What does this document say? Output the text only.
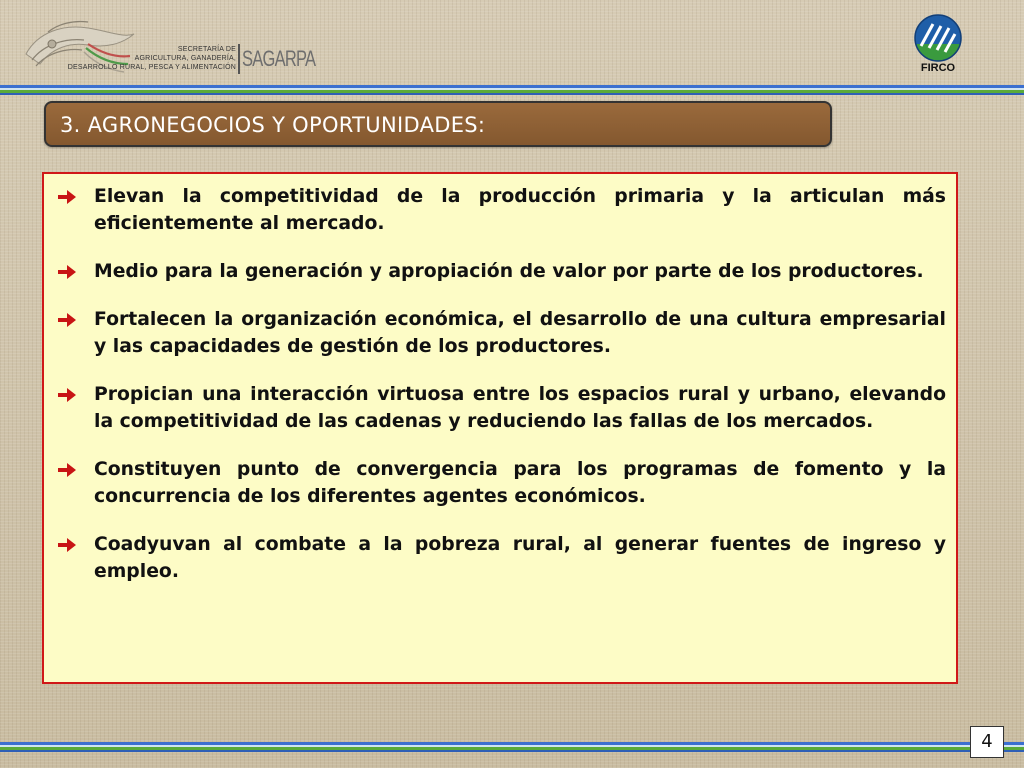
SECRETARÍA DE
AGRICULTURA, GANADERÍA,
DESARROLLO RURAL, PESCA Y ALIMENTACIÓN SAGARPA	FIRCO
3. AGRONEGOCIOS Y OPORTUNIDADES:
Elevan la competitividad de la producción primaria y la articulan más eficientemente al mercado.
Medio para la generación y apropiación de valor por parte de los productores.
Fortalecen la organización económica, el desarrollo de una cultura empresarial y las capacidades de gestión de los productores.
Propician una interacción virtuosa entre los espacios rural y urbano, elevando la competitividad de las cadenas y reduciendo las fallas de los mercados.
Constituyen punto de convergencia para los programas de fomento y la concurrencia de los diferentes agentes económicos.
Coadyuvan al combate a la pobreza rural, al generar fuentes de ingreso y empleo.
4
